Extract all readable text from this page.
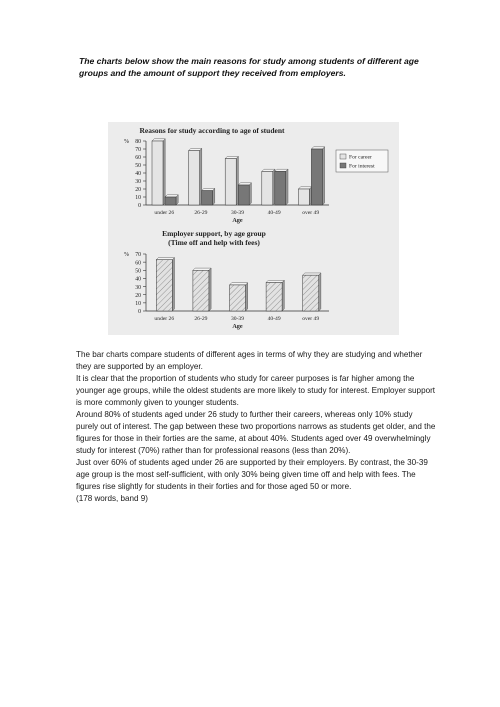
The charts below show the main reasons for study among students of different age groups and the amount of support they received from employers.

Reasons for study according to age of student
0
10
20
30
40
50
60
70
80
%
under 26	26-29	30-39	40-49	over 49
Age
For career
For interest
Employer support, by age group
(Time off and help with fees)
0
10
20
30
40
50
60
70
%
under 26	26-29	30-39	40-49	over 49
Age

The bar charts compare students of different ages in terms of why they are studying and whether they are supported by an employer.

It is clear that the proportion of students who study for career purposes is far higher among the younger age groups, while the oldest students are more likely to study for interest. Employer support is more commonly given to younger students.

Around 80% of students aged under 26 study to further their careers, whereas only 10% study purely out of interest. The gap between these two proportions narrows as students get older, and the figures for those in their forties are the same, at about 40%. Students aged over 49 overwhelmingly study for interest (70%) rather than for professional reasons (less than 20%).

Just over 60% of students aged under 26 are supported by their employers. By contrast, the 30-39 age group is the most self-sufficient, with only 30% being given time off and help with fees. The figures rise slightly for students in their forties and for those aged 50 or more.

(178 words, band 9)
